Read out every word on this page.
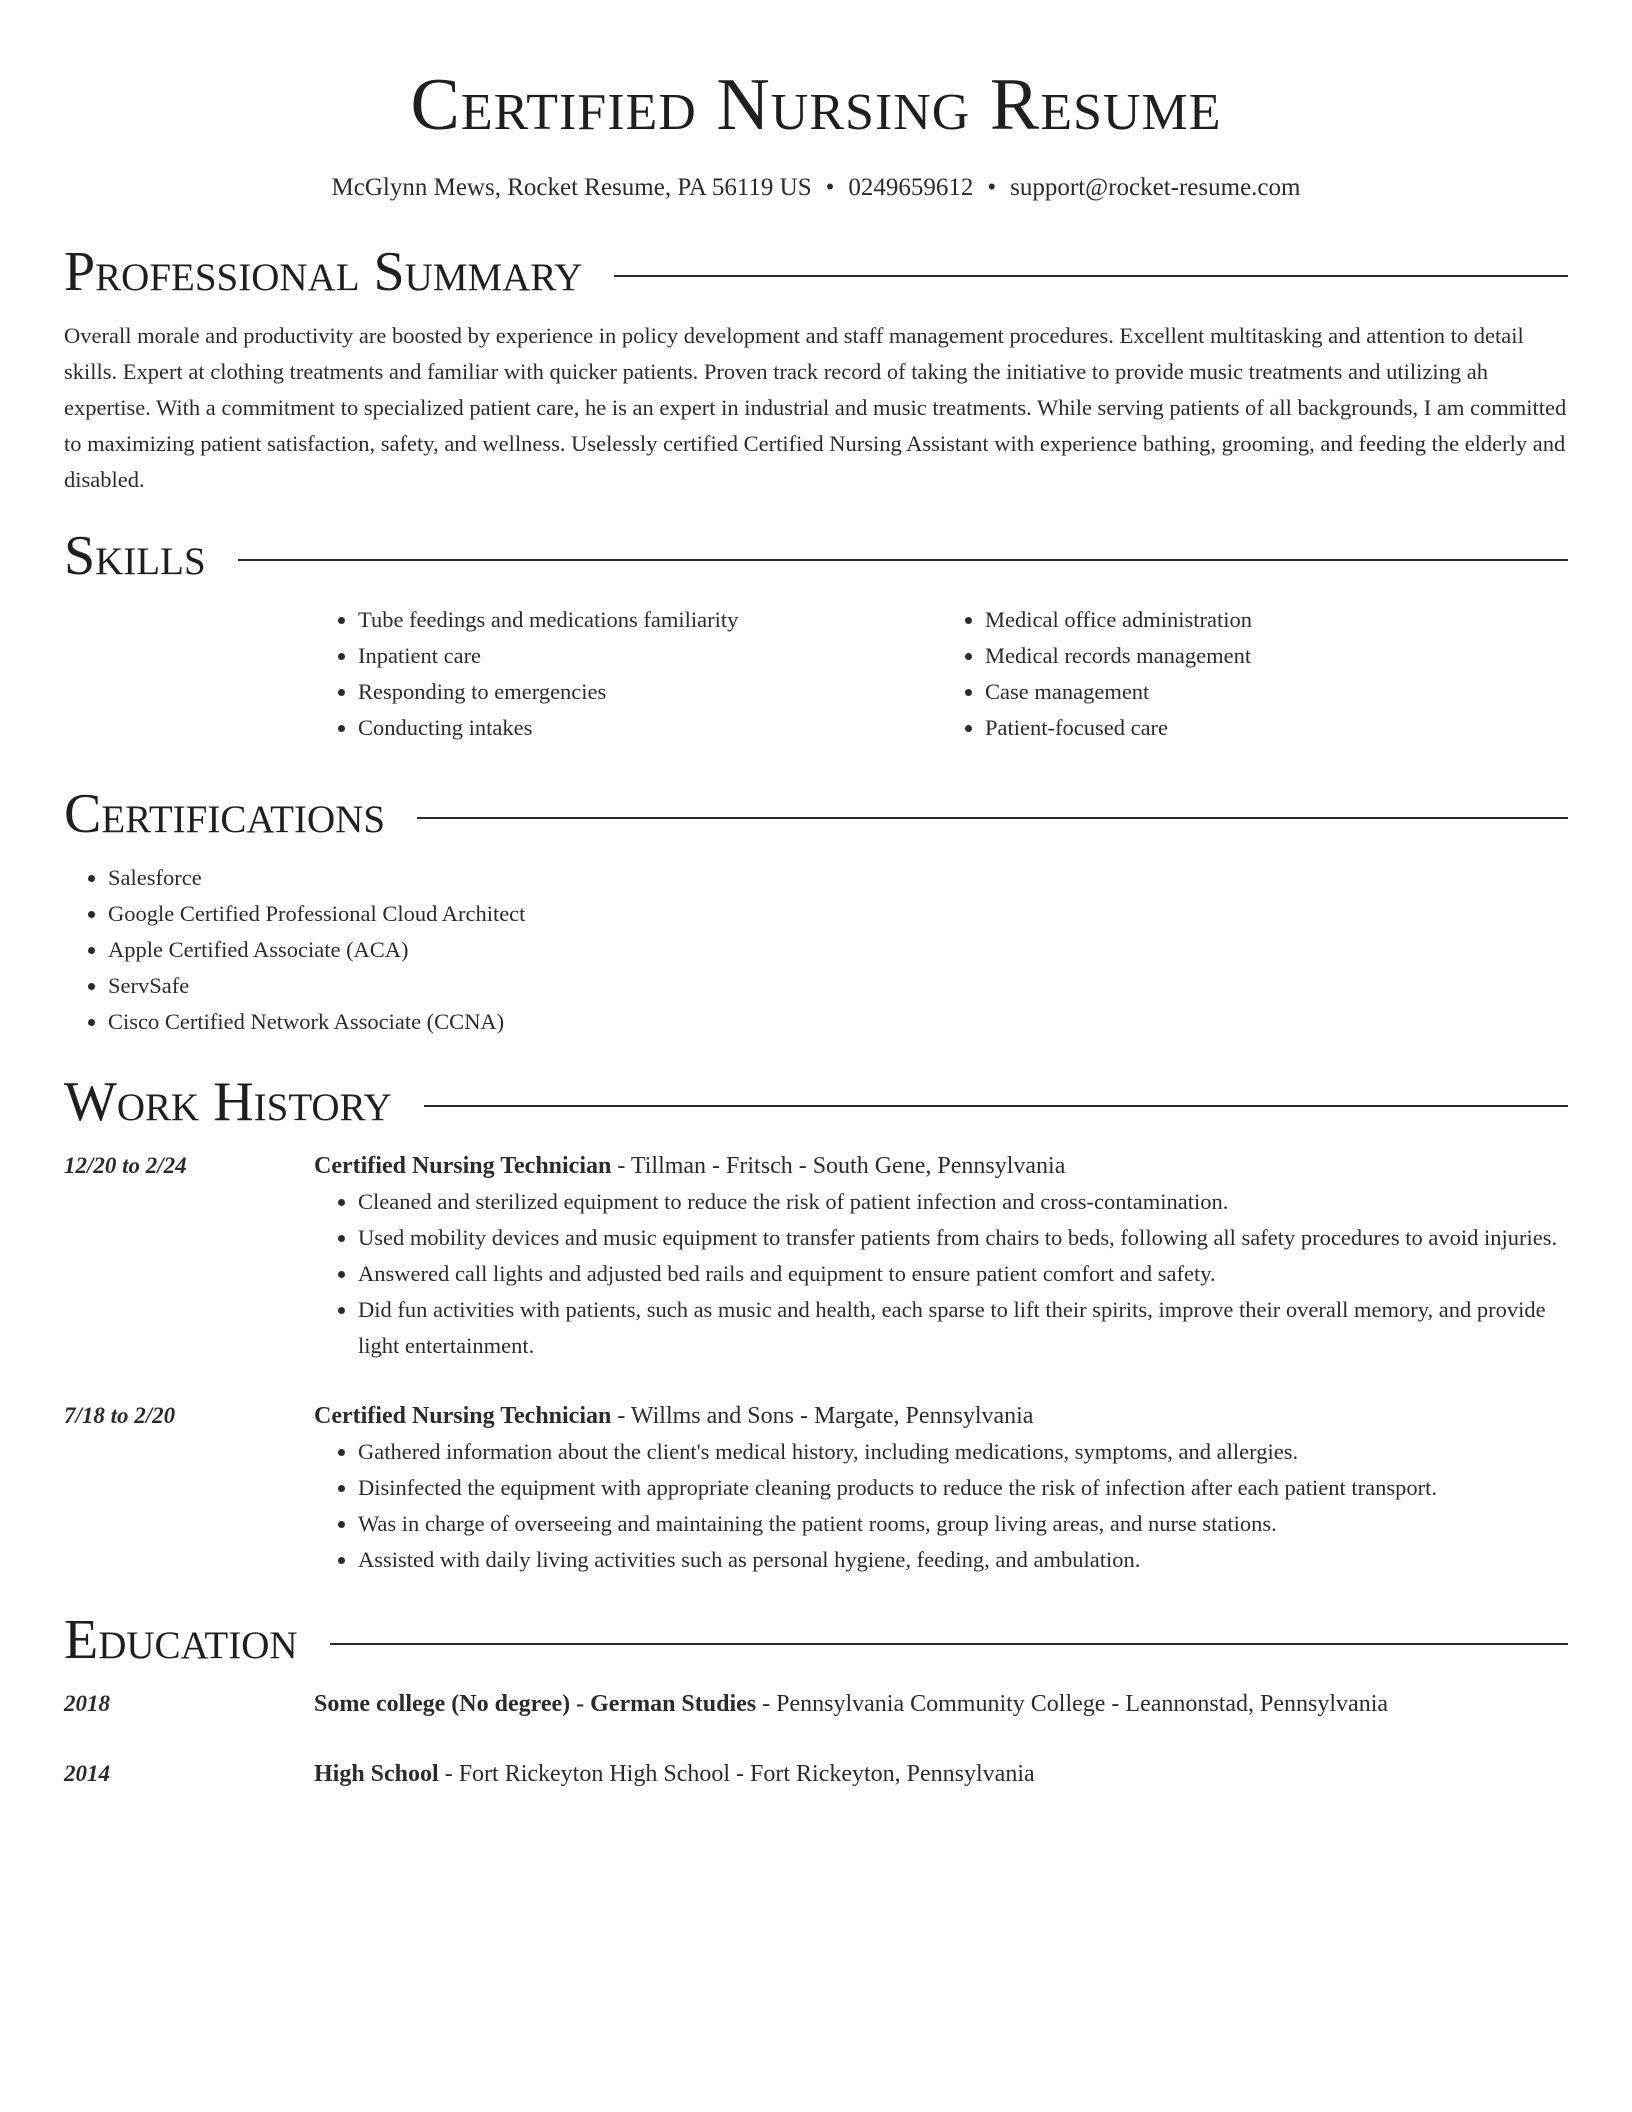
Certified Nursing Resume
McGlynn Mews, Rocket Resume, PA 56119 US • 0249659612 • support@rocket-resume.com
Professional Summary

Overall morale and productivity are boosted by experience in policy development and staff management procedures. Excellent multitasking and attention to detail skills. Expert at clothing treatments and familiar with quicker patients. Proven track record of taking the initiative to provide music treatments and utilizing ah expertise. With a commitment to specialized patient care, he is an expert in industrial and music treatments. While serving patients of all backgrounds, I am committed to maximizing patient satisfaction, safety, and wellness. Uselessly certified Certified Nursing Assistant with experience bathing, grooming, and feeding the elderly and disabled.

Skills
• Tube feedings and medications familiarity
• Inpatient care
• Responding to emergencies
• Conducting intakes
• Medical office administration
• Medical records management
• Case management
• Patient-focused care
Certifications
• Salesforce
• Google Certified Professional Cloud Architect
• Apple Certified Associate (ACA)
• ServSafe
• Cisco Certified Network Associate (CCNA)
Work History
12/20 to 2/24	Certified Nursing Technician - Tillman - Fritsch - South Gene, Pennsylvania
• Cleaned and sterilized equipment to reduce the risk of patient infection and cross-contamination.
• Used mobility devices and music equipment to transfer patients from chairs to beds, following all safety procedures to avoid injuries.
• Answered call lights and adjusted bed rails and equipment to ensure patient comfort and safety.
• Did fun activities with patients, such as music and health, each sparse to lift their spirits, improve their overall memory, and provide light entertainment.
7/18 to 2/20	Certified Nursing Technician - Willms and Sons - Margate, Pennsylvania
• Gathered information about the client's medical history, including medications, symptoms, and allergies.
• Disinfected the equipment with appropriate cleaning products to reduce the risk of infection after each patient transport.
• Was in charge of overseeing and maintaining the patient rooms, group living areas, and nurse stations.
• Assisted with daily living activities such as personal hygiene, feeding, and ambulation.
Education
2018	Some college (No degree) - German Studies - Pennsylvania Community College - Leannonstad, Pennsylvania
2014	High School - Fort Rickeyton High School - Fort Rickeyton, Pennsylvania
